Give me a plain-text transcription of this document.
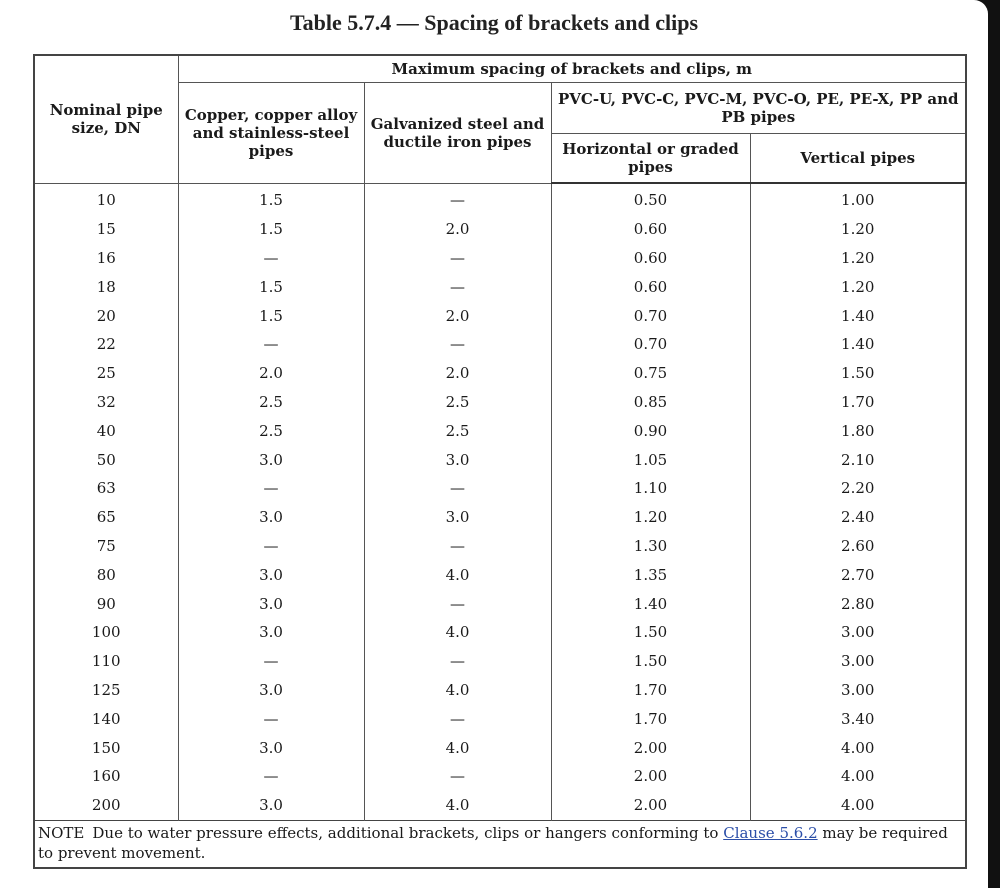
Table 5.7.4 — Spacing of brackets and clips
Nominal pipe size, DN	Maximum spacing of brackets and clips, m			
	Copper, copper alloy and stainless-steel pipes	Galvanized steel and ductile iron pipes	PVC-U, PVC-C, PVC-M, PVC-O, PE, PE-X, PP and PB pipes	
			Horizontal or graded pipes	Vertical pipes
10	1.5	—	0.50	1.00
15	1.5	2.0	0.60	1.20
16	—	—	0.60	1.20
18	1.5	—	0.60	1.20
20	1.5	2.0	0.70	1.40
22	—	—	0.70	1.40
25	2.0	2.0	0.75	1.50
32	2.5	2.5	0.85	1.70
40	2.5	2.5	0.90	1.80
50	3.0	3.0	1.05	2.10
63	—	—	1.10	2.20
65	3.0	3.0	1.20	2.40
75	—	—	1.30	2.60
80	3.0	4.0	1.35	2.70
90	3.0	—	1.40	2.80
100	3.0	4.0	1.50	3.00
110	—	—	1.50	3.00
125	3.0	4.0	1.70	3.00
140	—	—	1.70	3.40
150	3.0	4.0	2.00	4.00
160	—	—	2.00	4.00
200	3.0	4.0	2.00	4.00
NOTE Due to water pressure effects, additional brackets, clips or hangers conforming to Clause 5.6.2 may be required to prevent movement.				
